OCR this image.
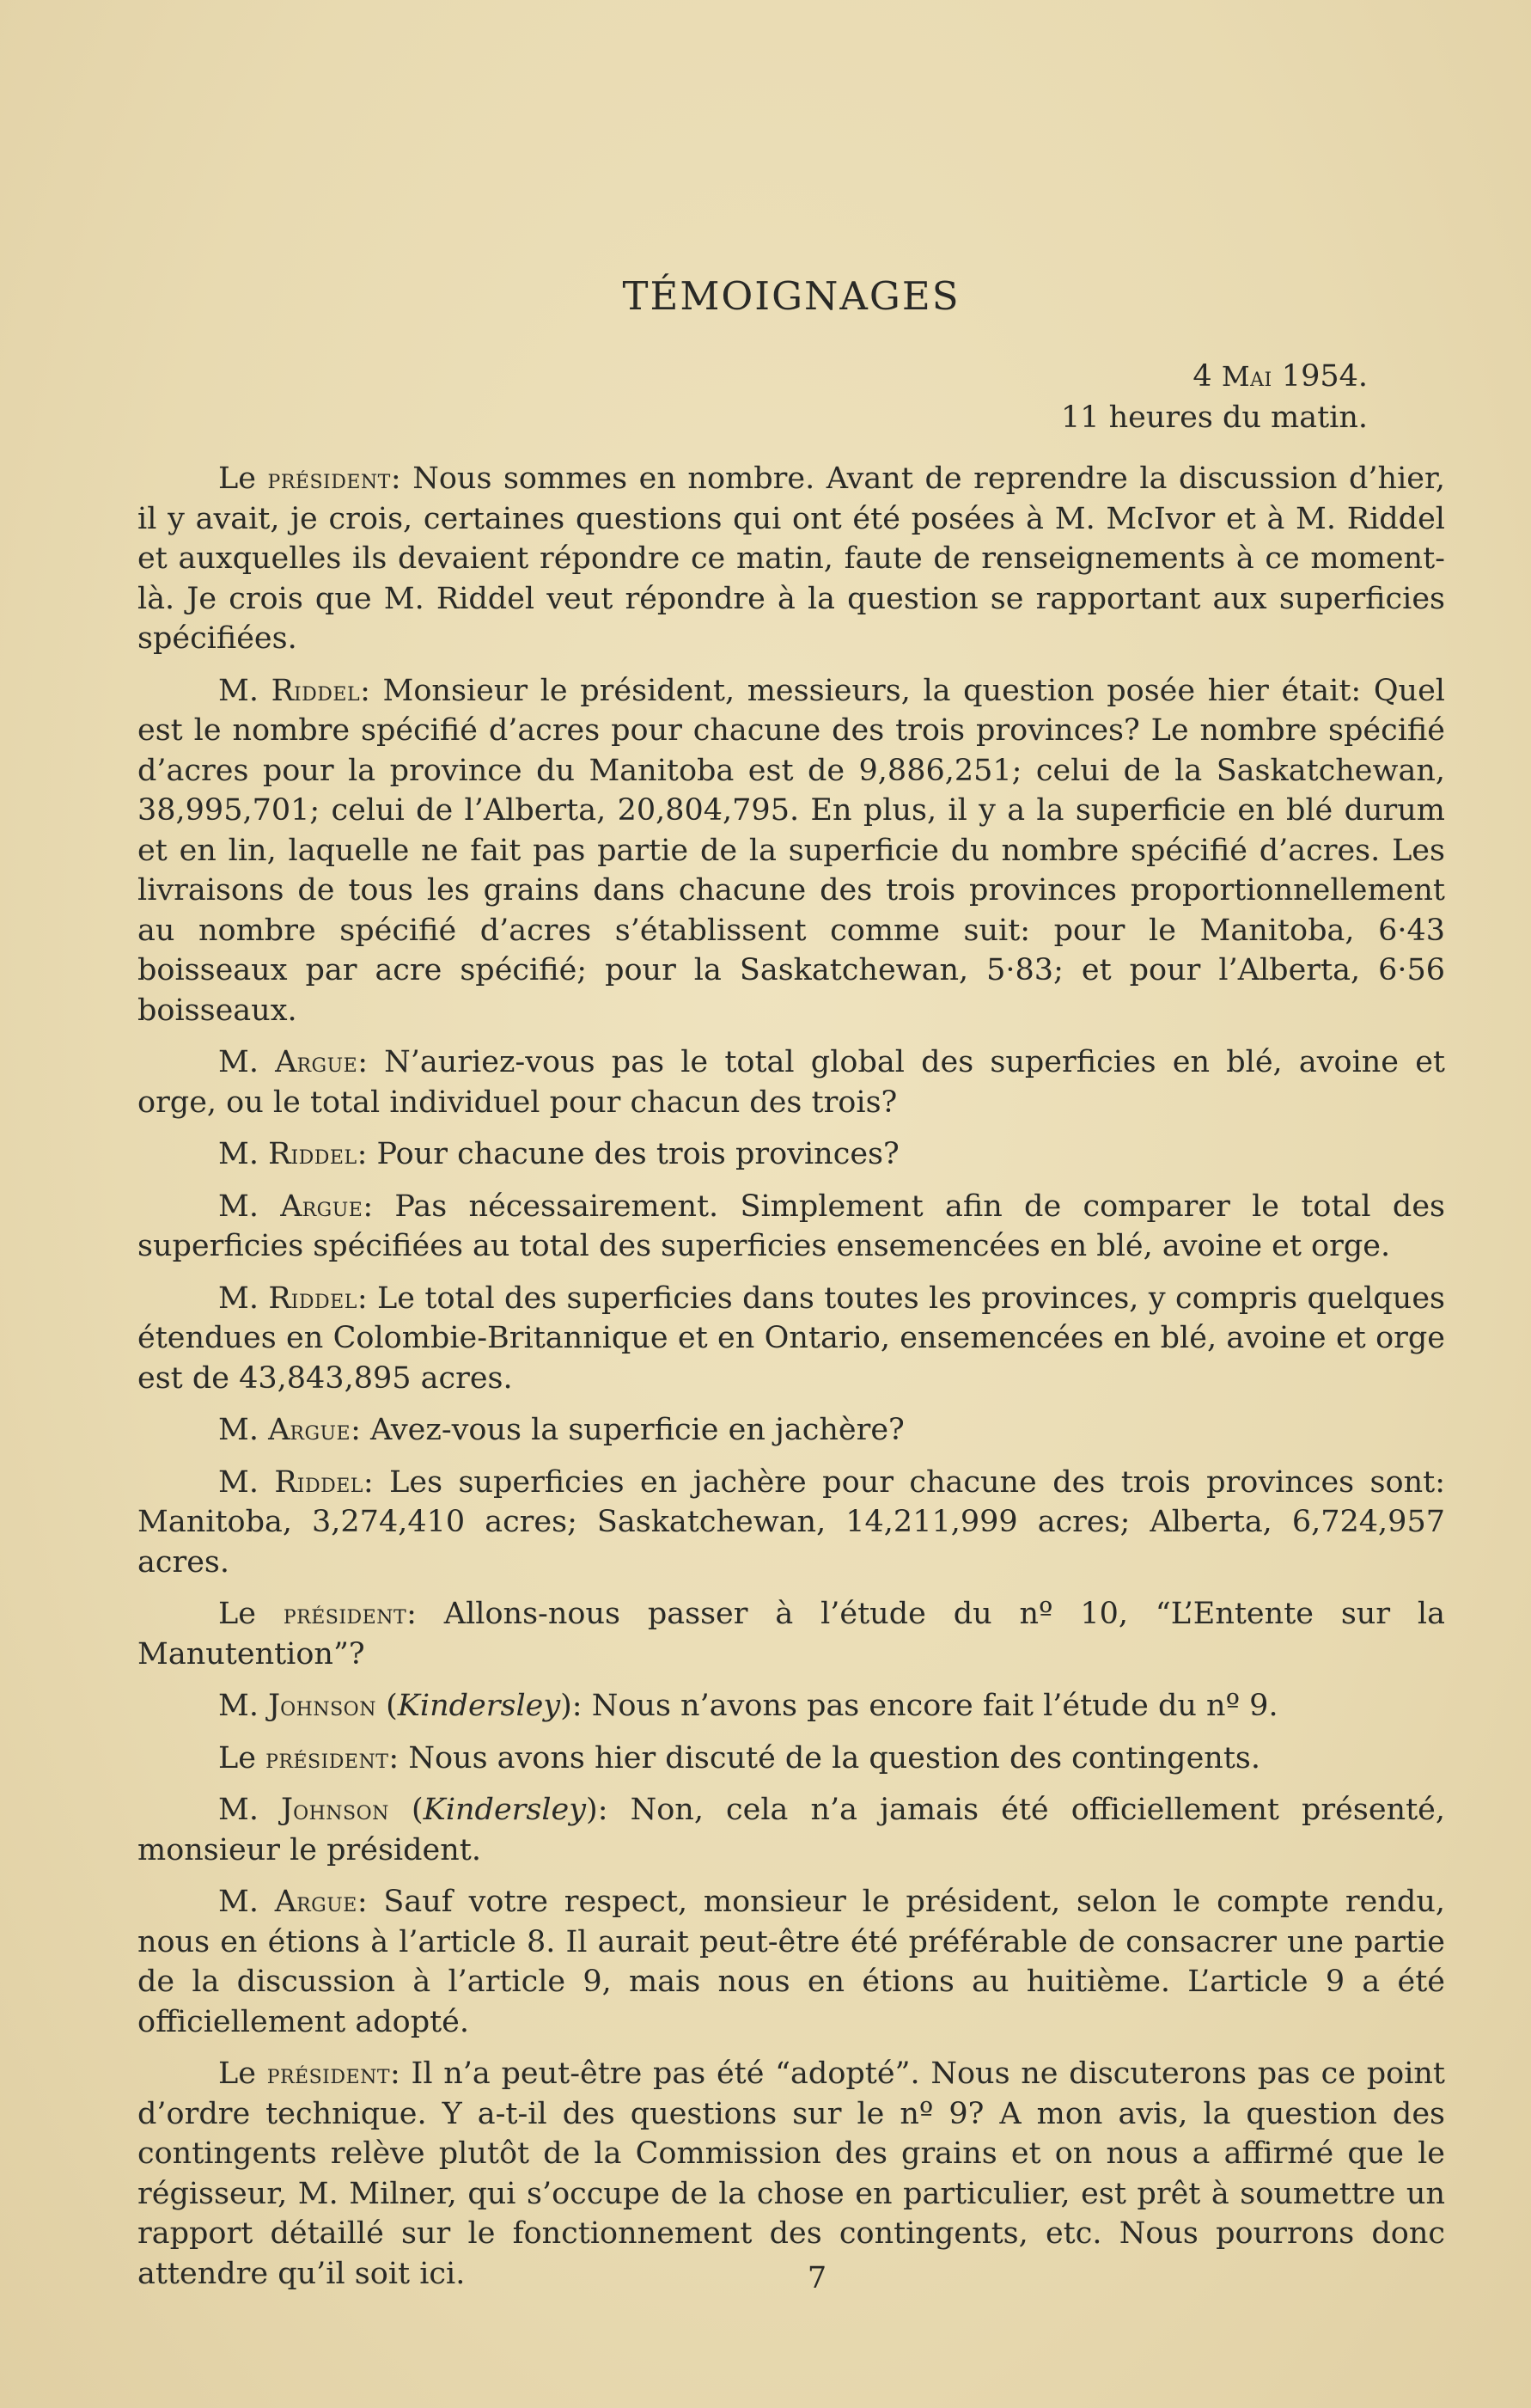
TÉMOIGNAGES
4 Mai 1954.
11 heures du matin.

Le président: Nous sommes en nombre. Avant de reprendre la discussion d’hier, il y avait, je crois, certaines questions qui ont été posées à M. McIvor et à M. Riddel et auxquelles ils devaient répondre ce matin, faute de renseignements à ce moment-là. Je crois que M. Riddel veut répondre à la question se rapportant aux superficies spécifiées.

M. Riddel: Monsieur le président, messieurs, la question posée hier était: Quel est le nombre spécifié d’acres pour chacune des trois provinces? Le nombre spécifié d’acres pour la province du Manitoba est de 9,886,251; celui de la Saskatchewan, 38,995,701; celui de l’Alberta, 20,804,795. En plus, il y a la superficie en blé durum et en lin, laquelle ne fait pas partie de la superficie du nombre spécifié d’acres. Les livraisons de tous les grains dans chacune des trois provinces proportionnellement au nombre spécifié d’acres s’établissent comme suit: pour le Manitoba, 6·43 boisseaux par acre spécifié; pour la Saskatchewan, 5·83; et pour l’Alberta, 6·56 boisseaux.

M. Argue: N’auriez-vous pas le total global des superficies en blé, avoine et orge, ou le total individuel pour chacun des trois?

M. Riddel: Pour chacune des trois provinces?

M. Argue: Pas nécessairement. Simplement afin de comparer le total des superficies spécifiées au total des superficies ensemencées en blé, avoine et orge.

M. Riddel: Le total des superficies dans toutes les provinces, y compris quelques étendues en Colombie-Britannique et en Ontario, ensemencées en blé, avoine et orge est de 43,843,895 acres.

M. Argue: Avez-vous la superficie en jachère?

M. Riddel: Les superficies en jachère pour chacune des trois provinces sont: Manitoba, 3,274,410 acres; Saskatchewan, 14,211,999 acres; Alberta, 6,724,957 acres.

Le président: Allons-nous passer à l’étude du nº 10, “L’Entente sur la Manutention”?

M. Johnson (Kindersley): Nous n’avons pas encore fait l’étude du nº 9.

Le président: Nous avons hier discuté de la question des contingents.

M. Johnson (Kindersley): Non, cela n’a jamais été officiellement présenté, monsieur le président.

M. Argue: Sauf votre respect, monsieur le président, selon le compte rendu, nous en étions à l’article 8. Il aurait peut-être été préférable de consacrer une partie de la discussion à l’article 9, mais nous en étions au huitième. L’article 9 a été officiellement adopté.

Le président: Il n’a peut-être pas été “adopté”. Nous ne discuterons pas ce point d’ordre technique. Y a-t-il des questions sur le nº 9? A mon avis, la question des contingents relève plutôt de la Commission des grains et on nous a affirmé que le régisseur, M. Milner, qui s’occupe de la chose en particulier, est prêt à soumettre un rapport détaillé sur le fonctionnement des contingents, etc. Nous pourrons donc attendre qu’il soit ici.	7
